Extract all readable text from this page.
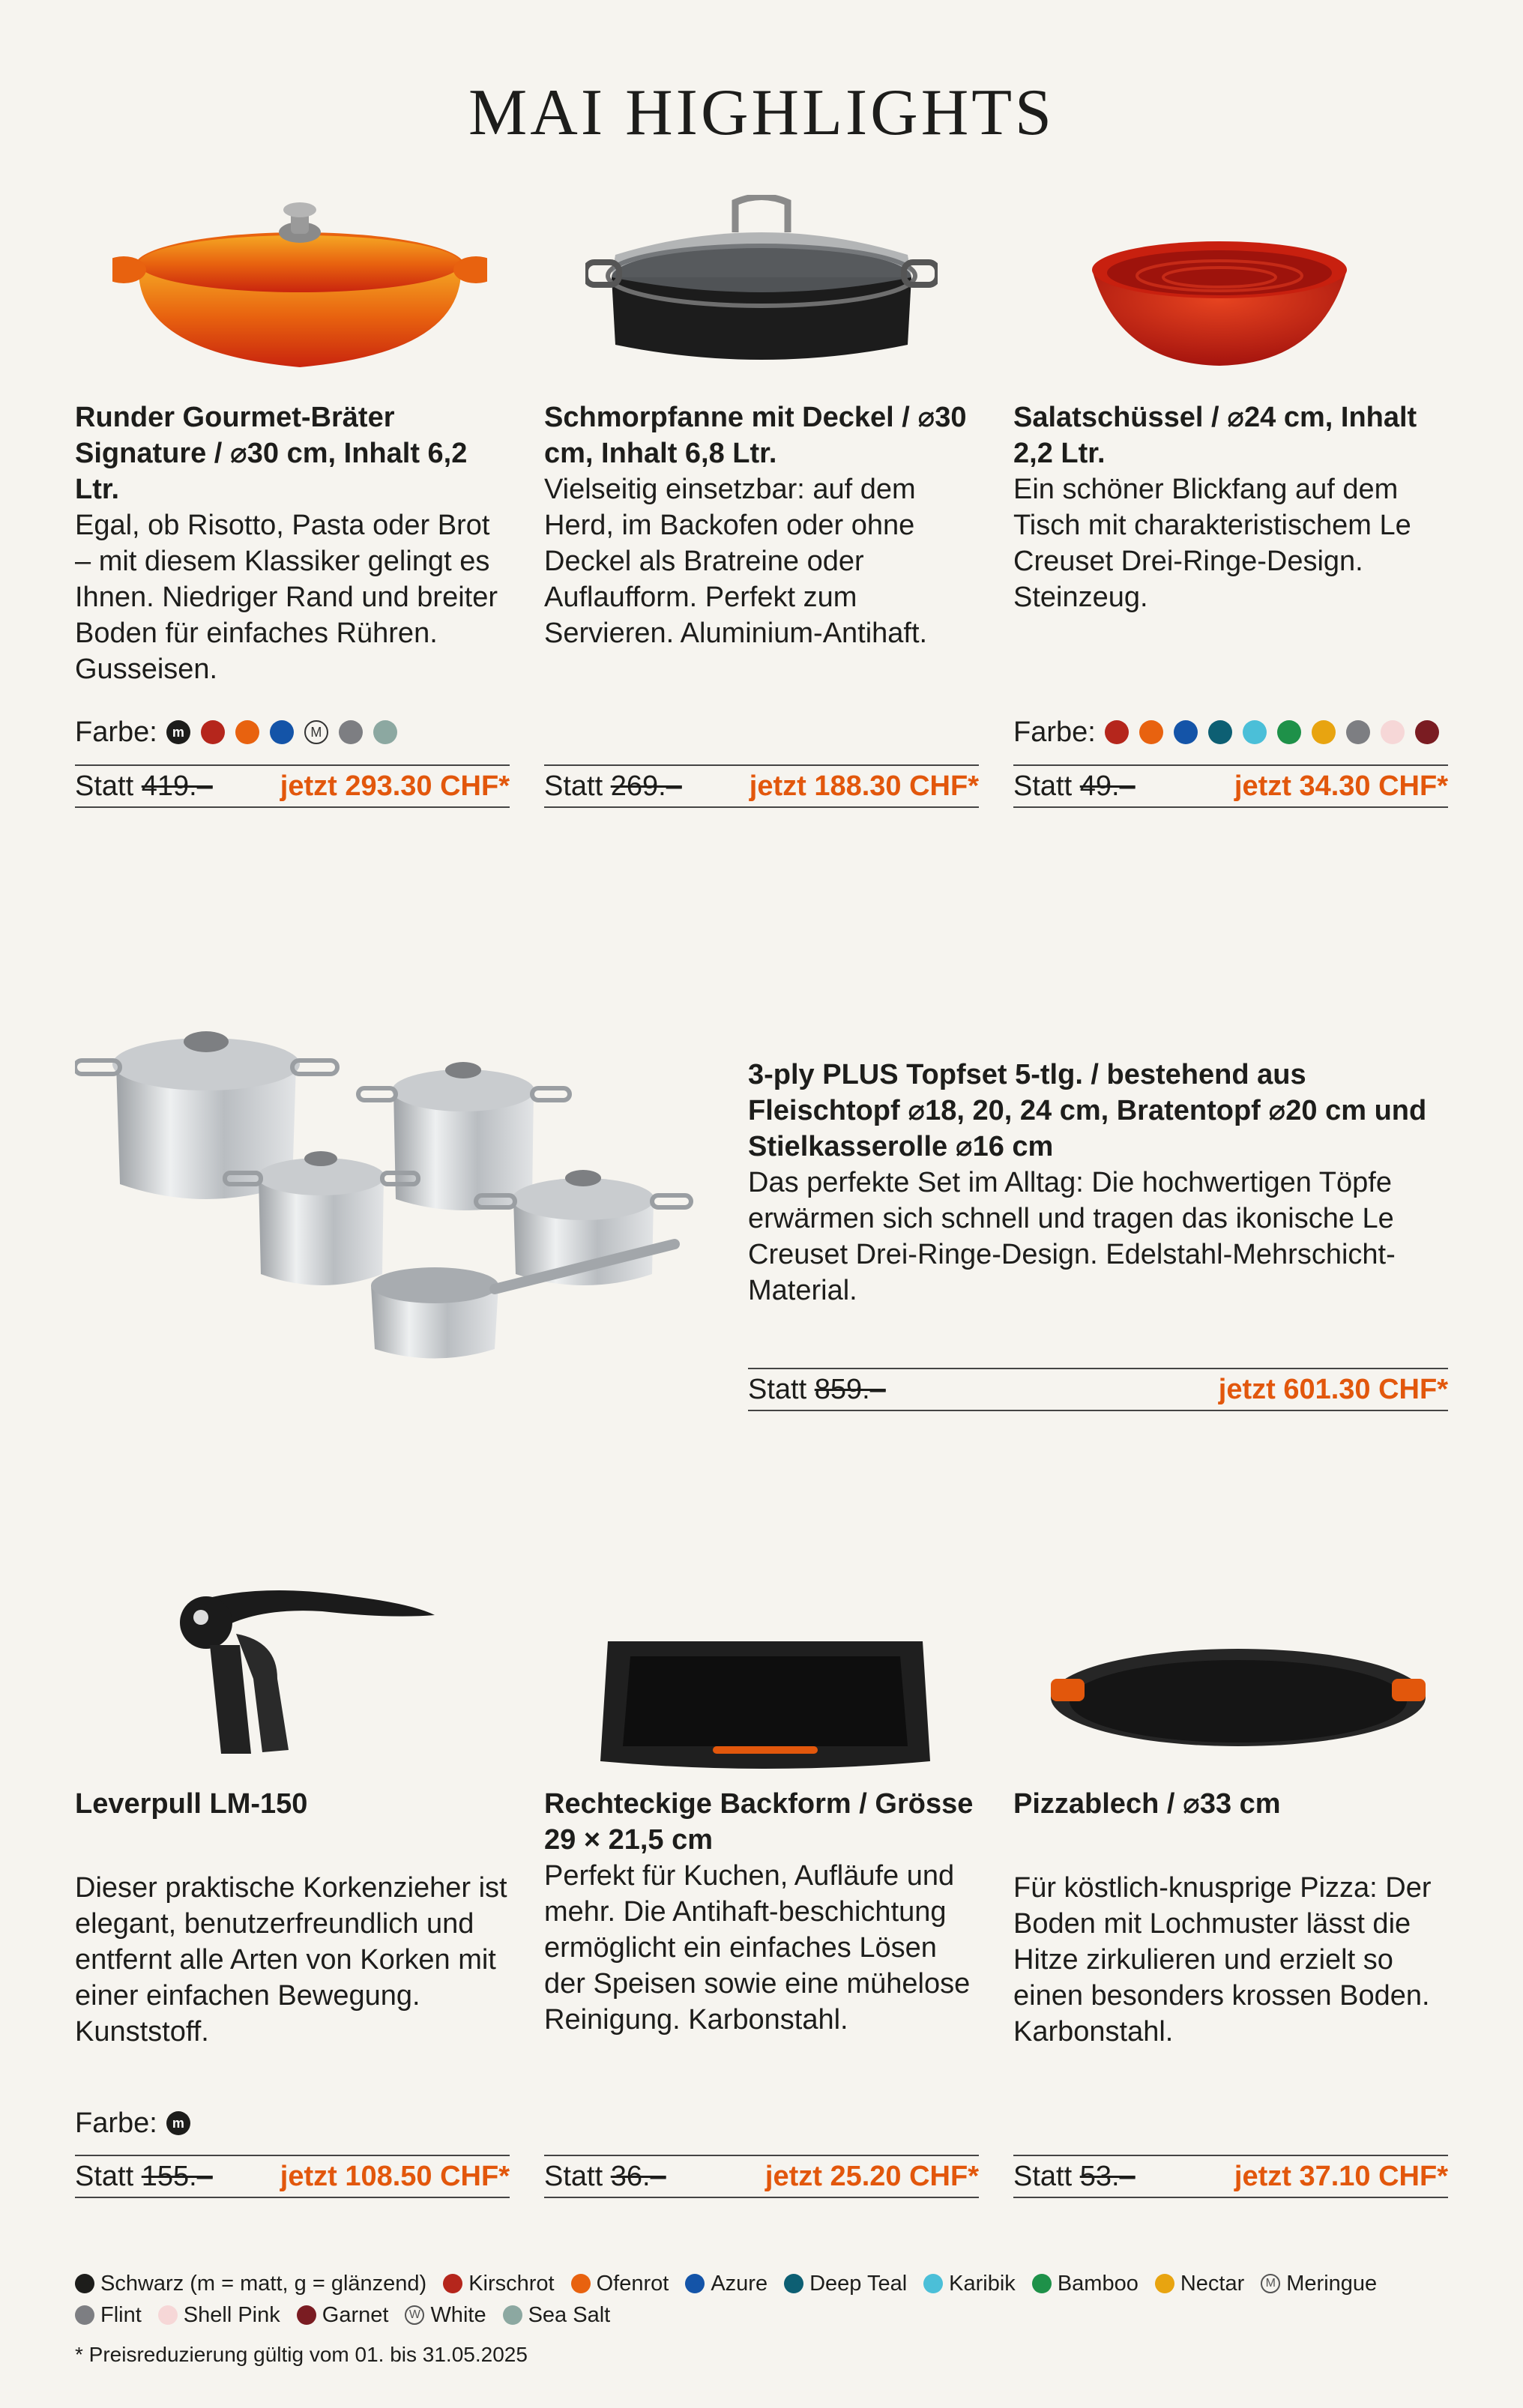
MAI HIGHLIGHTS
Runder Gourmet-Bräter Signature / ⌀30 cm, Inhalt 6,2 Ltr.
Egal, ob Risotto, Pasta oder Brot – mit diesem Klassiker gelingt es Ihnen. Niedriger Rand und breiter Boden für einfaches Rühren. Gusseisen.
Farbe:	m	M
Statt 419.– jetzt 293.30 CHF*
Schmorpfanne mit Deckel / ⌀30 cm, Inhalt 6,8 Ltr.
Vielseitig einsetzbar: auf dem Herd, im Backofen oder ohne Deckel als Bratreine oder Auflaufform. Perfekt zum Servieren. Aluminium-Antihaft.
Statt 269.– jetzt 188.30 CHF*
Salatschüssel / ⌀24 cm, Inhalt 2,2 Ltr.
Ein schöner Blickfang auf dem Tisch mit charakteristischem Le Creuset Drei-Ringe-Design. Steinzeug.
Farbe:
Statt 49.–	jetzt 34.30 CHF*
3-ply PLUS Topfset 5-tlg. / bestehend aus Fleischtopf ⌀18, 20, 24 cm, Bratentopf ⌀20 cm und Stielkasserolle ⌀16 cm
Das perfekte Set im Alltag: Die hochwertigen Töpfe erwärmen sich schnell und tragen das ikonische Le Creuset Drei-Ringe-Design. Edelstahl-Mehrschicht-Material.
Statt 859.–	jetzt 601.30 CHF*
Leverpull LM-150
Dieser praktische Korkenzieher ist elegant, benutzerfreundlich und entfernt alle Arten von Korken mit einer einfachen Bewegung. Kunststoff.
Farbe:	m
Statt 155.– jetzt 108.50 CHF*
Rechteckige Backform / Grösse 29 × 21,5 cm
Perfekt für Kuchen, Aufläufe und mehr. Die Antihaft-beschichtung ermöglicht ein einfaches Lösen der Speisen sowie eine mühelose Reinigung. Karbonstahl.
Statt 36.–	jetzt 25.20 CHF*
Pizzablech / ⌀33 cm
Für köstlich-knusprige Pizza: Der Boden mit Lochmuster lässt die Hitze zirkulieren und erzielt so einen besonders krossen Boden. Karbonstahl.
Statt 53.–	jetzt 37.10 CHF*
Schwarz (m = matt, g = glänzend) Kirschrot Ofenrot Azure Deep Teal Karibik Bamboo Nectar	M Meringue
Flint Shell Pink Garnet	W White Sea Salt
* Preisreduzierung gültig vom 01. bis 31.05.2025
